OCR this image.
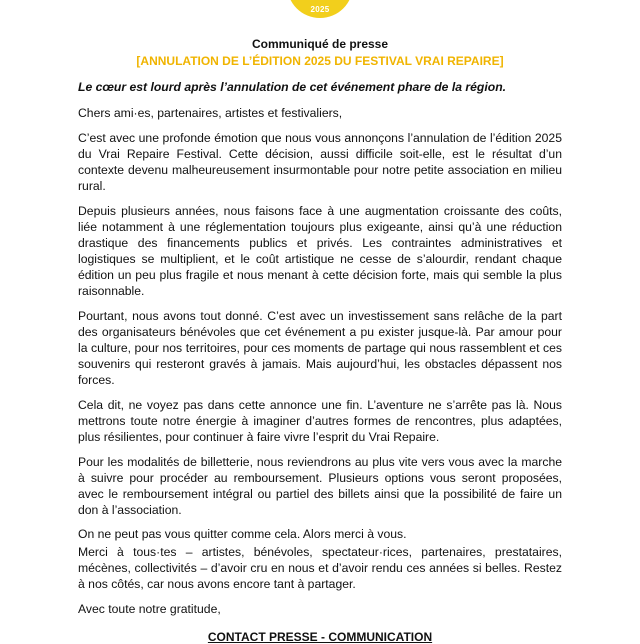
2025

Communiqué de presse

[ANNULATION DE L’ÉDITION 2025 DU FESTIVAL VRAI REPAIRE]

Le cœur est lourd après l’annulation de cet événement phare de la région.

Chers ami·es, partenaires, artistes et festivaliers,

C’est avec une profonde émotion que nous vous annonçons l’annulation de l’édition 2025 du Vrai Repaire Festival. Cette décision, aussi difficile soit-elle, est le résultat d’un contexte devenu malheureusement insurmontable pour notre petite association en milieu rural.

Depuis plusieurs années, nous faisons face à une augmentation croissante des coûts, liée notamment à une réglementation toujours plus exigeante, ainsi qu’à une réduction drastique des financements publics et privés. Les contraintes administratives et logistiques se multiplient, et le coût artistique ne cesse de s’alourdir, rendant chaque édition un peu plus fragile et nous menant à cette décision forte, mais qui semble la plus raisonnable.

Pourtant, nous avons tout donné. C’est avec un investissement sans relâche de la part des organisateurs bénévoles que cet événement a pu exister jusque-là. Par amour pour la culture, pour nos territoires, pour ces moments de partage qui nous rassemblent et ces souvenirs qui resteront gravés à jamais. Mais aujourd’hui, les obstacles dépassent nos forces.

Cela dit, ne voyez pas dans cette annonce une fin. L’aventure ne s’arrête pas là. Nous mettrons toute notre énergie à imaginer d’autres formes de rencontres, plus adaptées, plus résilientes, pour continuer à faire vivre l’esprit du Vrai Repaire.

Pour les modalités de billetterie, nous reviendrons au plus vite vers vous avec la marche à suivre pour procéder au remboursement. Plusieurs options vous seront proposées, avec le remboursement intégral ou partiel des billets ainsi que la possibilité de faire un don à l’association.

On ne peut pas vous quitter comme cela. Alors merci à vous.

Merci à tous·tes – artistes, bénévoles, spectateur·rices, partenaires, prestataires, mécènes, collectivités – d’avoir cru en nous et d’avoir rendu ces années si belles. Restez à nos côtés, car nous avons encore tant à partager.

Avec toute notre gratitude,

CONTACT PRESSE - COMMUNICATION
